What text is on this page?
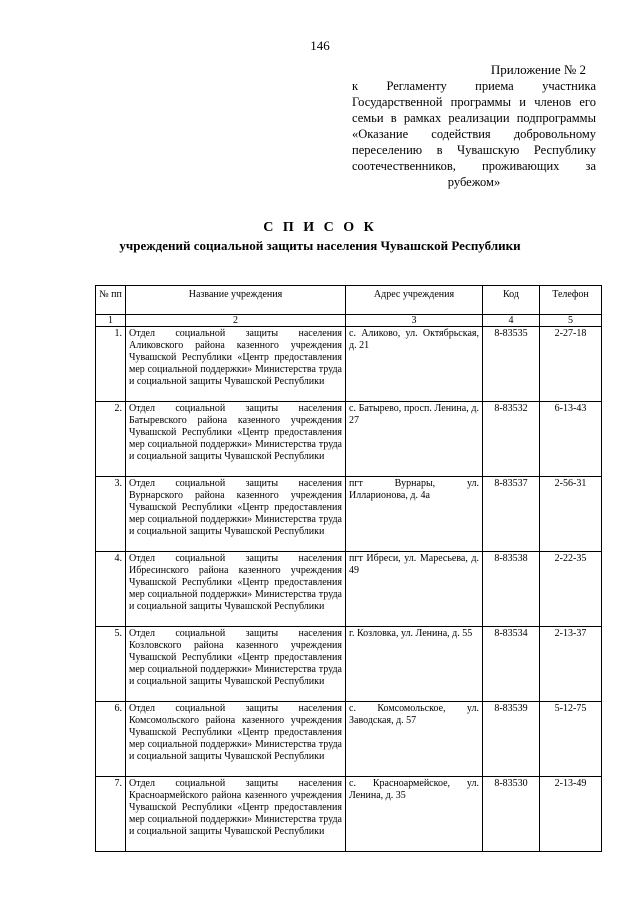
146
Приложение № 2
к Регламенту приема участника Государственной программы и членов его семьи в рамках реализации подпрограммы «Оказание содействия добровольному переселению в Чувашскую Республику соотечественников, проживающих за рубежом»
С П И С О К
учреждений социальной защиты населения Чувашской Республики
№ пп	Название учреждения	Адрес учреждения	Код	Телефон
1	2	3	4	5
1.	Отдел социальной защиты населения Аликовского района казенного учреждения Чувашской Республики «Центр предоставления мер социальной поддержки» Министерства труда и социальной защиты Чувашской Республики	с. Аликово, ул. Октябрьская, д. 21	8-83535	2-27-18
2.	Отдел социальной защиты населения Батыревского района казенного учреждения Чувашской Республики «Центр предоставления мер социальной поддержки» Министерства труда и социальной защиты Чувашской Республики	с. Батырево, просп. Ленина, д. 27	8-83532	6-13-43
3.	Отдел социальной защиты населения Вурнарского района казенного учреждения Чувашской Республики «Центр предоставления мер социальной поддержки» Министерства труда и социальной защиты Чувашской Республики	пгт Вурнары, ул. Илларионова, д. 4а	8-83537	2-56-31
4.	Отдел социальной защиты населения Ибресинского района казенного учреждения Чувашской Республики «Центр предоставления мер социальной поддержки» Министерства труда и социальной защиты Чувашской Республики	пгт Ибреси, ул. Маресьева, д. 49	8-83538	2-22-35
5.	Отдел социальной защиты населения Козловского района казенного учреждения Чувашской Республики «Центр предоставления мер социальной поддержки» Министерства труда и социальной защиты Чувашской Республики	г. Козловка, ул. Ленина, д. 55	8-83534	2-13-37
6.	Отдел социальной защиты населения Комсомольского района казенного учреждения Чувашской Республики «Центр предоставления мер социальной поддержки» Министерства труда и социальной защиты Чувашской Республики	с. Комсомольское, ул. Заводская, д. 57	8-83539	5-12-75
7.	Отдел социальной защиты населения Красноармейского района казенного учреждения Чувашской Республики «Центр предоставления мер социальной поддержки» Министерства труда и социальной защиты Чувашской Республики	с. Красноармейское, ул. Ленина, д. 35	8-83530	2-13-49
